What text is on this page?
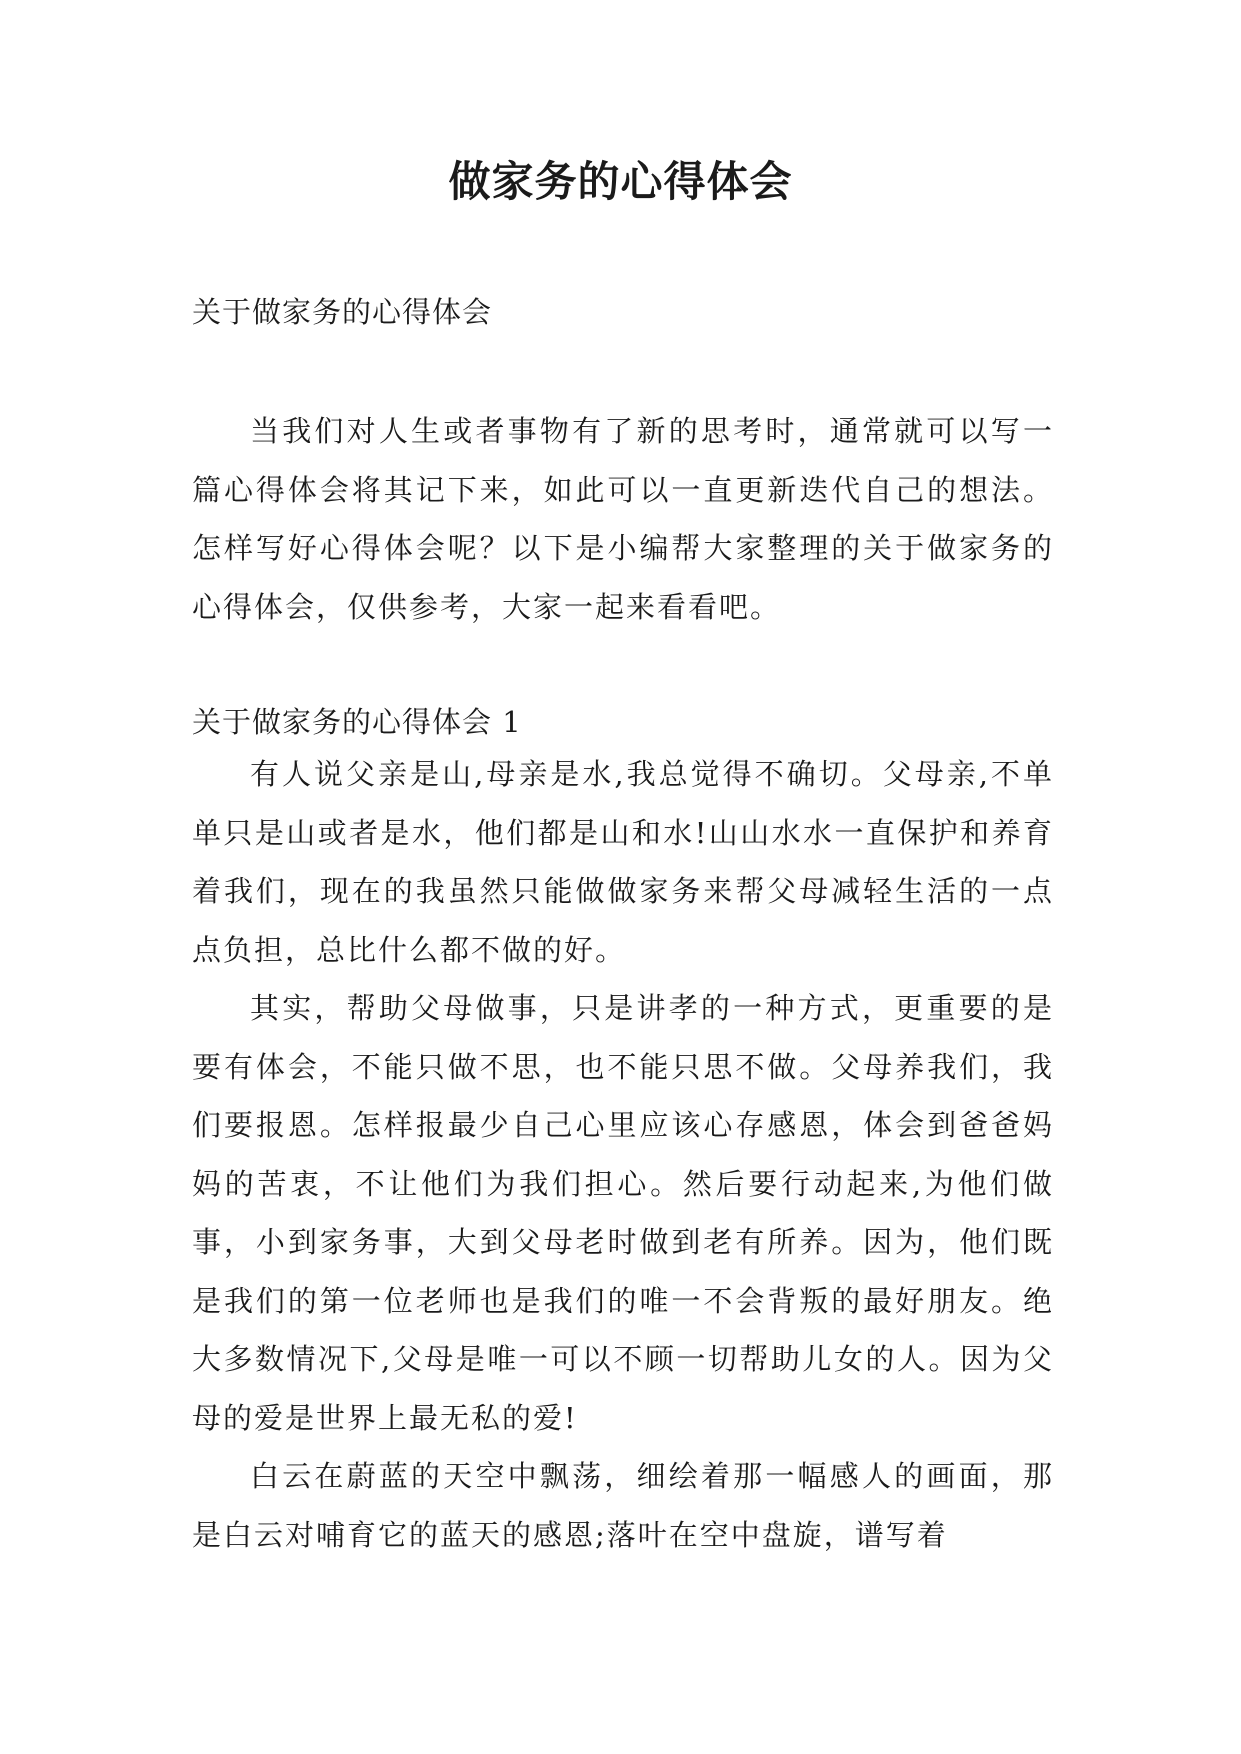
做家务的心得体会

关于做家务的心得体会

当我们对人生或者事物有了新的思考时，通常就可以写一篇心得体会将其记下来，如此可以一直更新迭代自己的想法。怎样写好心得体会呢？以下是小编帮大家整理的关于做家务的心得体会，仅供参考，大家一起来看看吧。

关于做家务的心得体会 1

有人说父亲是山,母亲是水,我总觉得不确切。父母亲,不单单只是山或者是水，他们都是山和水!山山水水一直保护和养育着我们，现在的我虽然只能做做家务来帮父母减轻生活的一点点负担，总比什么都不做的好。

其实，帮助父母做事，只是讲孝的一种方式，更重要的是要有体会，不能只做不思，也不能只思不做。父母养我们，我们要报恩。怎样报最少自己心里应该心存感恩，体会到爸爸妈妈的苦衷，不让他们为我们担心。然后要行动起来,为他们做事，小到家务事，大到父母老时做到老有所养。因为，他们既是我们的第一位老师也是我们的唯一不会背叛的最好朋友。绝大多数情况下,父母是唯一可以不顾一切帮助儿女的人。因为父母的爱是世界上最无私的爱!

白云在蔚蓝的天空中飘荡，细绘着那一幅感人的画面，那是白云对哺育它的蓝天的感恩;落叶在空中盘旋，谱写着
